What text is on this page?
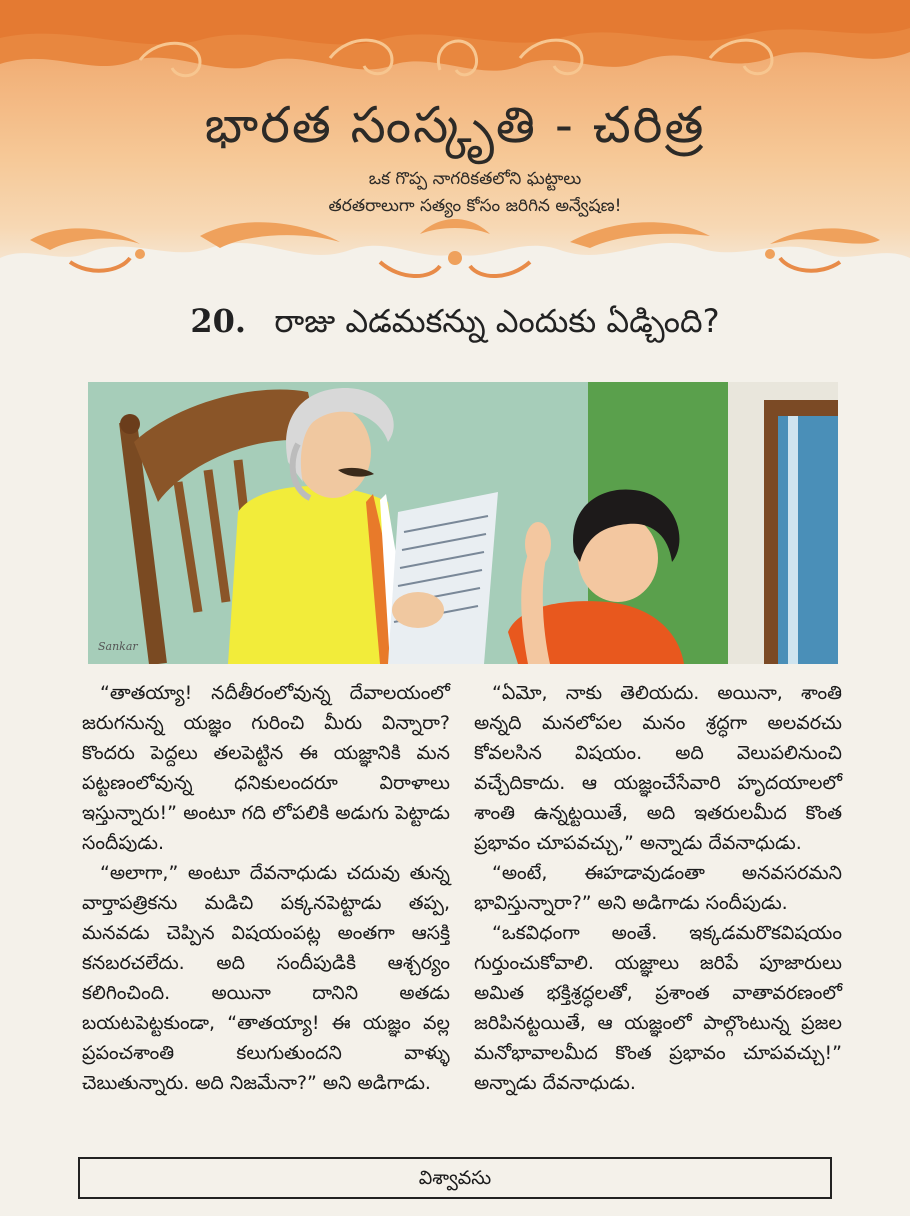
భారత సంస్కృతి - చరిత్ర
ఒక గొప్ప నాగరికతలోని ఘట్టాలు
తరతరాలుగా సత్యం కోసం జరిగిన అన్వేషణ!
20. రాజు ఎడమకన్ను ఎందుకు ఏడ్చింది?
Sankar

“తాతయ్యా! నదీతీరంలోవున్న దేవాలయంలో జరుగనున్న యజ్ఞం గురించి మీరు విన్నారా? కొందరు పెద్దలు తలపెట్టిన ఈ యజ్ఞానికి మన పట్టణంలోవున్న ధనికులందరూ విరాళాలు ఇస్తున్నారు!” అంటూ గది లోపలికి అడుగు పెట్టాడు సందీపుడు.

“అలాగా,” అంటూ దేవనాధుడు చదువు తున్న వార్తాపత్రికను మడిచి పక్కనపెట్టాడు తప్ప, మనవడు చెప్పిన విషయంపట్ల అంతగా ఆసక్తి కనబరచలేదు. అది సందీపుడికి ఆశ్చర్యం కలిగించింది. అయినా దానిని అతడు బయటపెట్టకుండా, “తాతయ్యా! ఈ యజ్ఞం వల్ల ప్రపంచశాంతి కలుగుతుందని వాళ్ళు చెబుతున్నారు. అది నిజమేనా?” అని అడిగాడు.

“ఏమో, నాకు తెలియదు. అయినా, శాంతి అన్నది మనలోపల మనం శ్రద్ధగా అలవరచు కోవలసిన విషయం. అది వెలుపలినుంచి వచ్చేదికాదు. ఆ యజ్ఞంచేసేవారి హృదయాలలో శాంతి ఉన్నట్టయితే, అది ఇతరులమీద కొంత ప్రభావం చూపవచ్చు,” అన్నాడు దేవనాధుడు.

“అంటే, ఈహడావుడంతా అనవసరమని భావిస్తున్నారా?” అని అడిగాడు సందీపుడు.

“ఒకవిధంగా అంతే. ఇక్కడమరొకవిషయం గుర్తుంచుకోవాలి. యజ్ఞాలు జరిపే పూజారులు అమిత భక్తిశ్రద్ధలతో, ప్రశాంత వాతావరణంలో జరిపినట్టయితే, ఆ యజ్ఞంలో పాల్గొంటున్న ప్రజల మనోభావాలమీద కొంత ప్రభావం చూపవచ్చు!” అన్నాడు దేవనాధుడు.

విశ్వావసు
